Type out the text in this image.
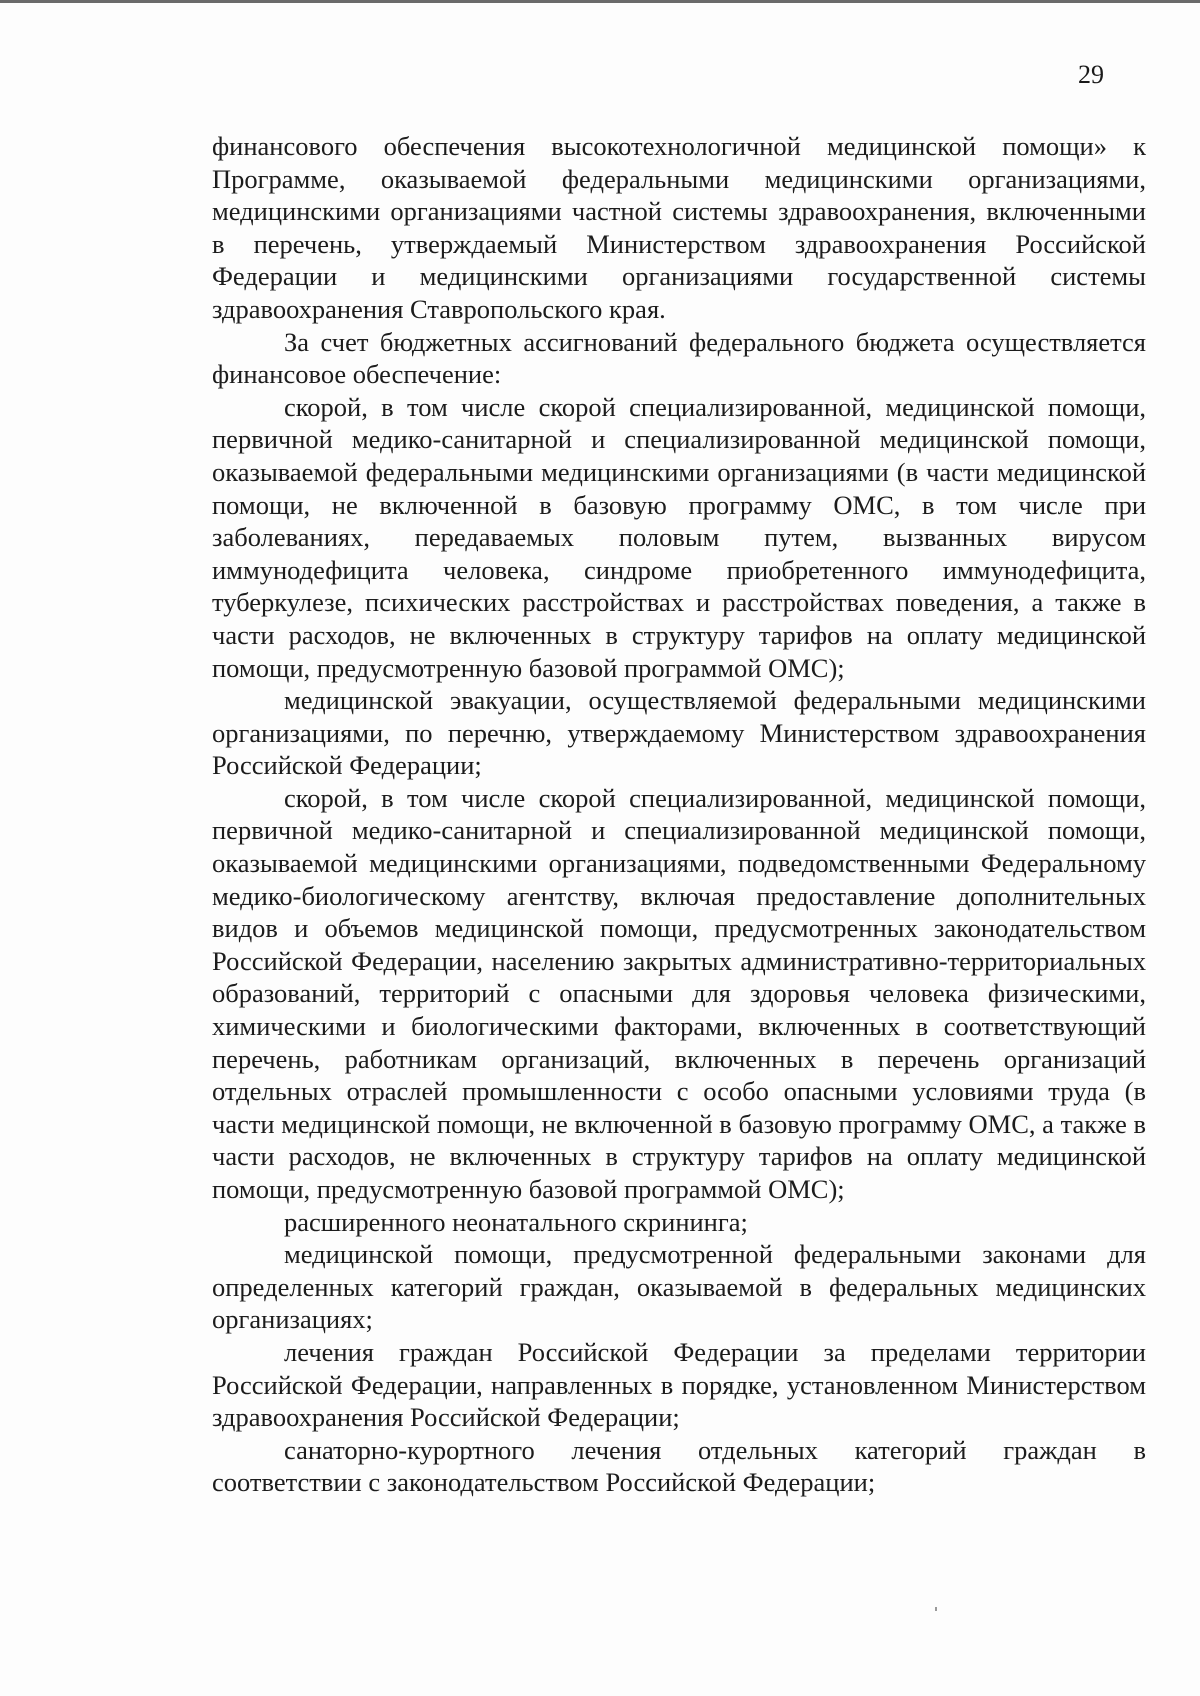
29

финансового обеспечения высокотехнологичной медицинской помощи» к Программе, оказываемой федеральными медицинскими организациями, медицинскими организациями частной системы здравоохранения, включенными в перечень, утверждаемый Министерством здравоохранения Российской Федерации и медицинскими организациями государственной системы здравоохранения Ставропольского края.

За счет бюджетных ассигнований федерального бюджета осуществляется финансовое обеспечение:

скорой, в том числе скорой специализированной, медицинской помощи, первичной медико-санитарной и специализированной медицинской помощи, оказываемой федеральными медицинскими организациями (в части медицинской помощи, не включенной в базовую программу ОМС, в том числе при заболеваниях, передаваемых половым путем, вызванных вирусом иммунодефицита человека, синдроме приобретенного иммунодефицита, туберкулезе, психических расстройствах и расстройствах поведения, а также в части расходов, не включенных в структуру тарифов на оплату медицинской помощи, предусмотренную базовой программой ОМС);

медицинской эвакуации, осуществляемой федеральными медицинскими организациями, по перечню, утверждаемому Министерством здравоохранения Российской Федерации;

скорой, в том числе скорой специализированной, медицинской помощи, первичной медико-санитарной и специализированной медицинской помощи, оказываемой медицинскими организациями, подведомственными Федеральному медико-биологическому агентству, включая предоставление дополнительных видов и объемов медицинской помощи, предусмотренных законодательством Российской Федерации, населению закрытых административно-территориальных образований, территорий с опасными для здоровья человека физическими, химическими и биологическими факторами, включенных в соответствующий перечень, работникам организаций, включенных в перечень организаций отдельных отраслей промышленности с особо опасными условиями труда (в части медицинской помощи, не включенной в базовую программу ОМС, а также в части расходов, не включенных в структуру тарифов на оплату медицинской помощи, предусмотренную базовой программой ОМС);

расширенного неонатального скрининга;

медицинской помощи, предусмотренной федеральными законами для определенных категорий граждан, оказываемой в федеральных медицинских организациях;

лечения граждан Российской Федерации за пределами территории Российской Федерации, направленных в порядке, установленном Министерством здравоохранения Российской Федерации;

санаторно-курортного лечения отдельных категорий граждан в соответствии с законодательством Российской Федерации;
